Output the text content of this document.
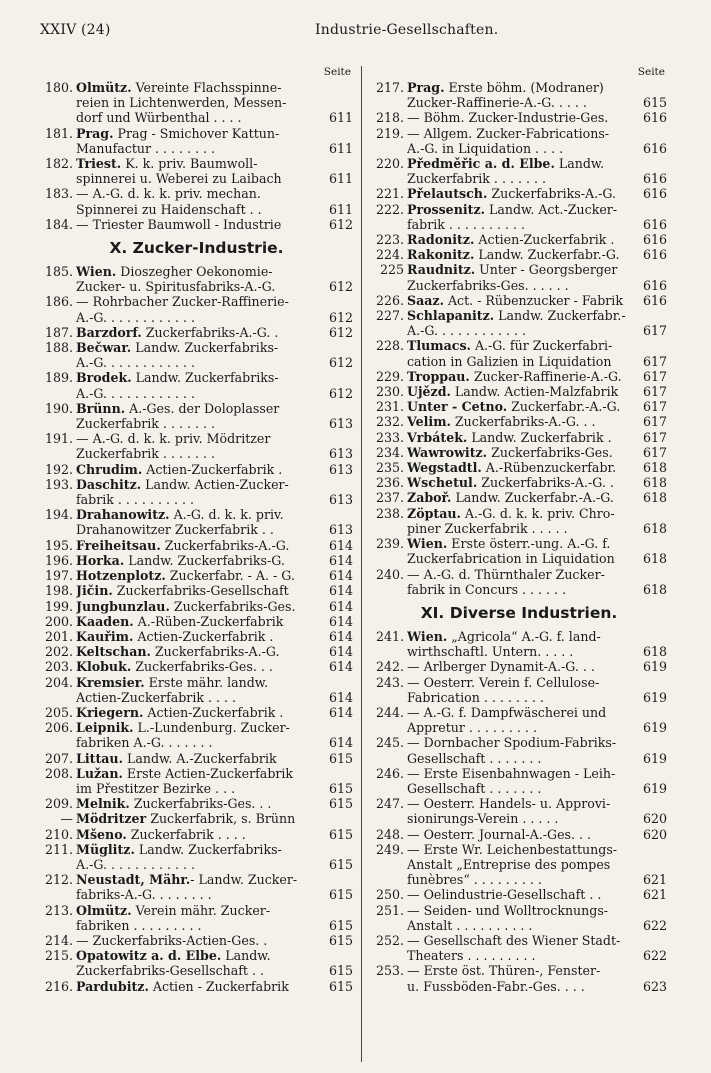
XXIV (24)	Industrie-Gesellschaften.
Seite
180. Olmütz. Vereinte Flachsspinne-
reien in Lichtenwerden, Messen-
dorf und Würbenthal . . . .	611
181. Prag. Prag - Smichover Kattun-
Manufactur . . . . . . . .	611
182. Triest. K. k. priv. Baumwoll-
spinnerei u. Weberei zu Laibach	611
183. — A.-G. d. k. k. priv. mechan.
Spinnerei zu Haidenschaft . .	611
184. — Triester Baumwoll - Industrie	612
X. Zucker-Industrie.
185. Wien. Dioszegher Oekonomie-
Zucker- u. Spiritusfabriks-A.-G.	612
186. — Rohrbacher Zucker-Raffinerie-
A.-G. . . . . . . . . . . .	612
187. Barzdorf. Zuckerfabriks-A.-G. .	612
188. Bečwar. Landw. Zuckerfabriks-
A.-G. . . . . . . . . . . .	612
189. Brodek. Landw. Zuckerfabriks-
A.-G. . . . . . . . . . . .	612
190. Brünn. A.-Ges. der Doloplasser
Zuckerfabrik . . . . . . .	613
191. — A.-G. d. k. k. priv. Mödritzer
Zuckerfabrik . . . . . . .	613
192. Chrudim. Actien-Zuckerfabrik .	613
193. Daschitz. Landw. Actien-Zucker-
fabrik . . . . . . . . . .	613
194. Drahanowitz. A.-G. d. k. k. priv.
Drahanowitzer Zuckerfabrik . .	613
195. Freiheitsau. Zuckerfabriks-A.-G.	614
196. Horka. Landw. Zuckerfabriks-G.	614
197. Hotzenplotz. Zuckerfabr. - A. - G.	614
198. Jičin. Zuckerfabriks-Gesellschaft	614
199. Jungbunzlau. Zuckerfabriks-Ges.	614
200. Kaaden. A.-Rüben-Zuckerfabrik	614
201. Kauřim. Actien-Zuckerfabrik .	614
202. Keltschan. Zuckerfabriks-A.-G.	614
203. Klobuk. Zuckerfabriks-Ges. . .	614
204. Kremsier. Erste mähr. landw.
Actien-Zuckerfabrik . . . .	614
205. Kriegern. Actien-Zuckerfabrik .	614
206. Leipnik. L.-Lundenburg. Zucker-
fabriken A.-G. . . . . . .	614
207. Littau. Landw. A.-Zuckerfabrik	615
208. Lužan. Erste Actien-Zuckerfabrik
im Přestitzer Bezirke . . .	615
209. Melnik. Zuckerfabriks-Ges. . .	615
— Mödritzer Zuckerfabrik, s. Brünn
210. Mšeno. Zuckerfabrik . . . .	615
211. Müglitz. Landw. Zuckerfabriks-
A.-G. . . . . . . . . . . .	615
212. Neustadt, Mähr.- Landw. Zucker-
fabriks-A.-G. . . . . . . .	615
213. Olmütz. Verein mähr. Zucker-
fabriken . . . . . . . . .	615
214. — Zuckerfabriks-Actien-Ges. .	615
215. Opatowitz a. d. Elbe. Landw.
Zuckerfabriks-Gesellschaft . .	615
216. Pardubitz. Actien - Zuckerfabrik	615
Seite
217. Prag. Erste böhm. (Modraner)
Zucker-Raffinerie-A.-G. . . . .	615
218. — Böhm. Zucker-Industrie-Ges.	616
219. — Allgem. Zucker-Fabrications-
A.-G. in Liquidation . . . .	616
220. Předměřic a. d. Elbe. Landw.
Zuckerfabrik . . . . . . .	616
221. Přelautsch. Zuckerfabriks-A.-G.	616
222. Prossenitz. Landw. Act.-Zucker-
fabrik . . . . . . . . . .	616
223. Radonitz. Actien-Zuckerfabrik .	616
224. Rakonitz. Landw. Zuckerfabr.-G.	616
225 Raudnitz. Unter - Georgsberger
Zuckerfabriks-Ges. . . . . .	616
226. Saaz. Act. - Rübenzucker - Fabrik	616
227. Schlapanitz. Landw. Zuckerfabr.-
A.-G. . . . . . . . . . . .	617
228. Tlumacs. A.-G. für Zuckerfabri-
cation in Galizien in Liquidation	617
229. Troppau. Zucker-Raffinerie-A.-G.	617
230. Ujězd. Landw. Actien-Malzfabrik	617
231. Unter - Cetno. Zuckerfabr.-A.-G.	617
232. Velim. Zuckerfabriks-A.-G. . .	617
233. Vrbátek. Landw. Zuckerfabrik .	617
234. Wawrowitz. Zuckerfabriks-Ges.	617
235. Wegstadtl. A.-Rübenzuckerfabr.	618
236. Wschetul. Zuckerfabriks-A.-G. .	618
237. Zaboř. Landw. Zuckerfabr.-A.-G.	618
238. Zöptau. A.-G. d. k. k. priv. Chro-
piner Zuckerfabrik . . . . .	618
239. Wien. Erste österr.-ung. A.-G. f.
Zuckerfabrication in Liquidation	618
240. — A.-G. d. Thürnthaler Zucker-
fabrik in Concurs . . . . . .	618
XI. Diverse Industrien.
241. Wien. „Agricola“ A.-G. f. land-
wirthschaftl. Untern. . . . .	618
242. — Arlberger Dynamit-A.-G. . .	619
243. — Oesterr. Verein f. Cellulose-
Fabrication . . . . . . . .	619
244. — A.-G. f. Dampfwäscherei und
Appretur . . . . . . . . .	619
245. — Dornbacher Spodium-Fabriks-
Gesellschaft . . . . . . .	619
246. — Erste Eisenbahnwagen - Leih-
Gesellschaft . . . . . . .	619
247. — Oesterr. Handels- u. Approvi-
sionirungs-Verein . . . . .	620
248. — Oesterr. Journal-A.-Ges. . .	620
249. — Erste Wr. Leichenbestattungs-
Anstalt „Entreprise des pompes
funèbres“ . . . . . . . . .	621
250. — Oelindustrie-Gesellschaft . .	621
251. — Seiden- und Wolltrocknungs-
Anstalt . . . . . . . . . .	622
252. — Gesellschaft des Wiener Stadt-
Theaters . . . . . . . . .	622
253. — Erste öst. Thüren-, Fenster-
u. Fussböden-Fabr.-Ges. . . .	623
